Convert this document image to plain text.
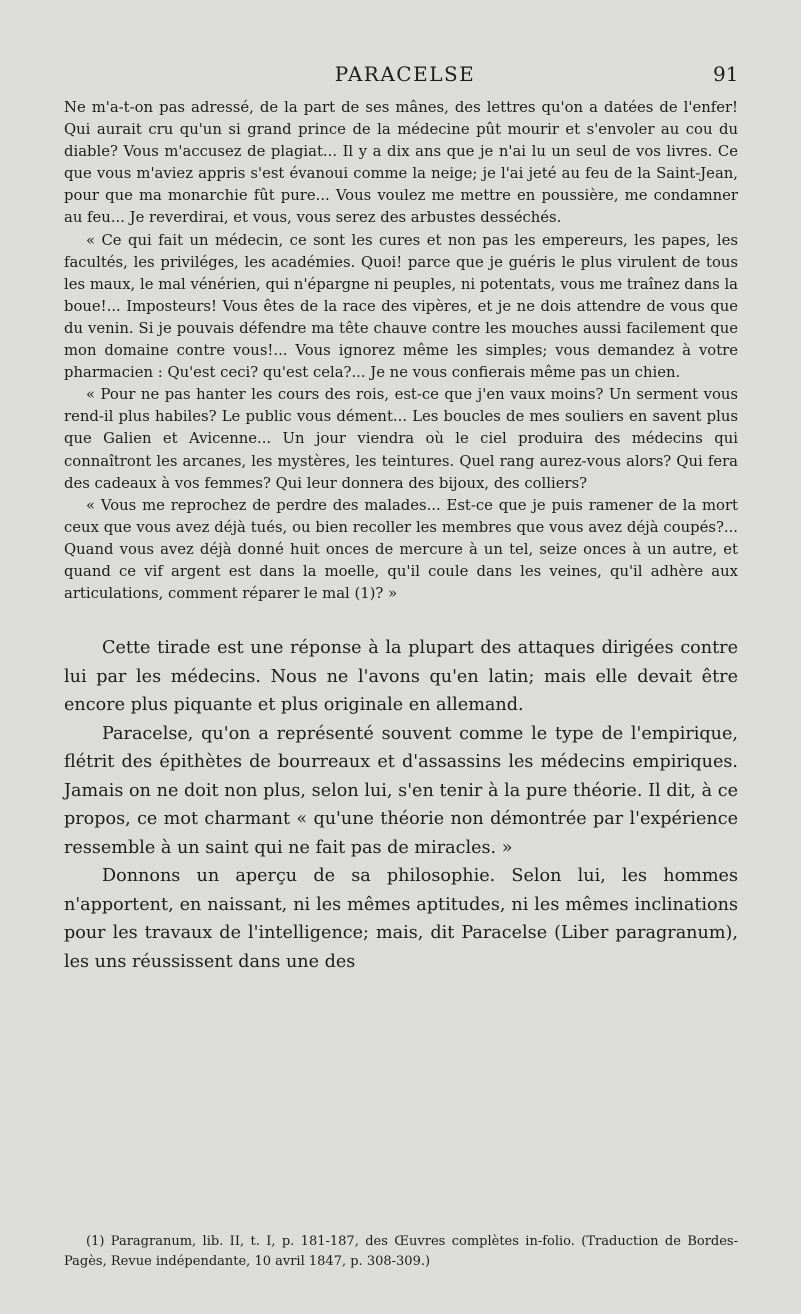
PARACELSE	91

Ne m'a-t-on pas adressé, de la part de ses mânes, des lettres qu'on a datées de l'enfer! Qui aurait cru qu'un si grand prince de la médecine pût mourir et s'envoler au cou du diable? Vous m'accusez de plagiat... Il y a dix ans que je n'ai lu un seul de vos livres. Ce que vous m'aviez appris s'est évanoui comme la neige; je l'ai jeté au feu de la Saint-Jean, pour que ma monarchie fût pure... Vous voulez me mettre en poussière, me condamner au feu... Je reverdirai, et vous, vous serez des arbustes desséchés.

« Ce qui fait un médecin, ce sont les cures et non pas les empereurs, les papes, les facultés, les priviléges, les académies. Quoi! parce que je guéris le plus virulent de tous les maux, le mal vénérien, qui n'épargne ni peuples, ni potentats, vous me traînez dans la boue!... Imposteurs! Vous êtes de la race des vipères, et je ne dois attendre de vous que du venin. Si je pouvais défendre ma tête chauve contre les mouches aussi facilement que mon domaine contre vous!... Vous ignorez même les simples; vous demandez à votre pharmacien : Qu'est ceci? qu'est cela?... Je ne vous confierais même pas un chien.

« Pour ne pas hanter les cours des rois, est-ce que j'en vaux moins? Un serment vous rend-il plus habiles? Le public vous dément... Les boucles de mes souliers en savent plus que Galien et Avicenne... Un jour viendra où le ciel produira des médecins qui connaîtront les arcanes, les mystères, les teintures. Quel rang aurez-vous alors? Qui fera des cadeaux à vos femmes? Qui leur donnera des bijoux, des colliers?

« Vous me reprochez de perdre des malades... Est-ce que je puis ramener de la mort ceux que vous avez déjà tués, ou bien recoller les membres que vous avez déjà coupés?... Quand vous avez déjà donné huit onces de mercure à un tel, seize onces à un autre, et quand ce vif argent est dans la moelle, qu'il coule dans les veines, qu'il adhère aux articulations, comment réparer le mal (1)? »

Cette tirade est une réponse à la plupart des attaques dirigées contre lui par les médecins. Nous ne l'avons qu'en latin; mais elle devait être encore plus piquante et plus originale en allemand.

Paracelse, qu'on a représenté souvent comme le type de l'empirique, flétrit des épithètes de bourreaux et d'assassins les médecins empiriques. Jamais on ne doit non plus, selon lui, s'en tenir à la pure théorie. Il dit, à ce propos, ce mot charmant « qu'une théorie non démontrée par l'expérience ressemble à un saint qui ne fait pas de miracles. »

Donnons un aperçu de sa philosophie. Selon lui, les hommes n'apportent, en naissant, ni les mêmes aptitudes, ni les mêmes inclinations pour les travaux de l'intelligence; mais, dit Paracelse (Liber paragranum), les uns réussissent dans une des

(1) Paragranum, lib. II, t. I, p. 181-187, des Œuvres complètes in-folio. (Traduction de Bordes-Pagès, Revue indépendante, 10 avril 1847, p. 308-309.)
